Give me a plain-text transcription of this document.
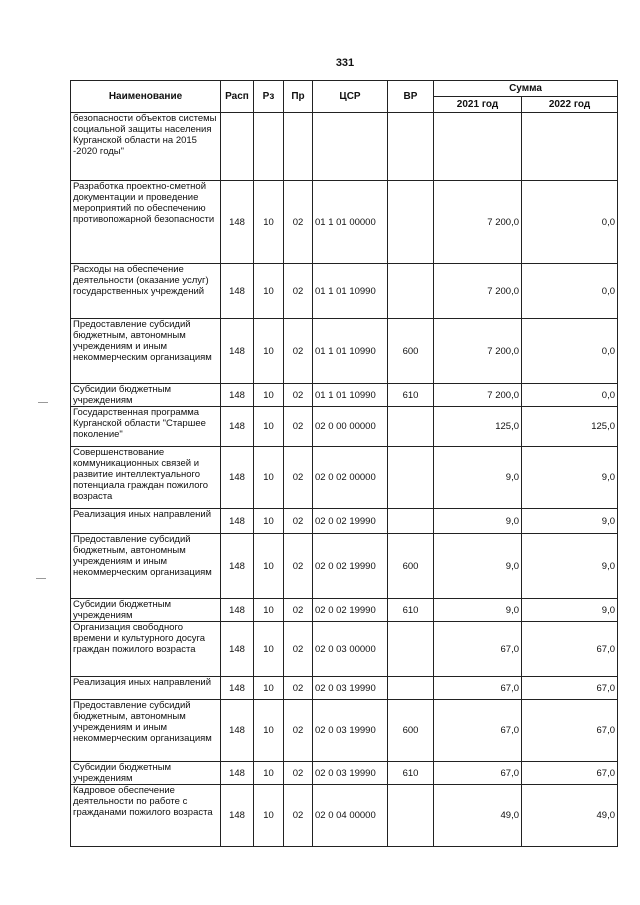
331
Наименование	Расп	Рз	Пр	ЦСР	ВР	Сумма	
						2021 год	2022 год
безопасности объектов системы социальной защиты населения Курганской области на 2015 -2020 годы"							
Разработка проектно-сметной документации и проведение мероприятий по обеспечению противопожарной безопасности	148	10	02	01 1 01 00000		7 200,0	0,0
Расходы на обеспечение деятельности (оказание услуг) государственных учреждений	148	10	02	01 1 01 10990		7 200,0	0,0
Предоставление субсидий бюджетным, автономным учреждениям и иным некоммерческим организациям	148	10	02	01 1 01 10990	600	7 200,0	0,0
Субсидии бюджетным учреждениям	148	10	02	01 1 01 10990	610	7 200,0	0,0
Государственная программа Курганской области "Старшее поколение"	148	10	02	02 0 00 00000		125,0	125,0
Совершенствование коммуникационных связей и развитие интеллектуального потенциала граждан пожилого возраста	148	10	02	02 0 02 00000		9,0	9,0
Реализация иных направлений	148	10	02	02 0 02 19990		9,0	9,0
Предоставление субсидий бюджетным, автономным учреждениям и иным некоммерческим организациям	148	10	02	02 0 02 19990	600	9,0	9,0
Субсидии бюджетным учреждениям	148	10	02	02 0 02 19990	610	9,0	9,0
Организация свободного времени и культурного досуга граждан пожилого возраста	148	10	02	02 0 03 00000		67,0	67,0
Реализация иных направлений	148	10	02	02 0 03 19990		67,0	67,0
Предоставление субсидий бюджетным, автономным учреждениям и иным некоммерческим организациям	148	10	02	02 0 03 19990	600	67,0	67,0
Субсидии бюджетным учреждениям	148	10	02	02 0 03 19990	610	67,0	67,0
Кадровое обеспечение деятельности по работе с гражданами пожилого возраста	148	10	02	02 0 04 00000		49,0	49,0
